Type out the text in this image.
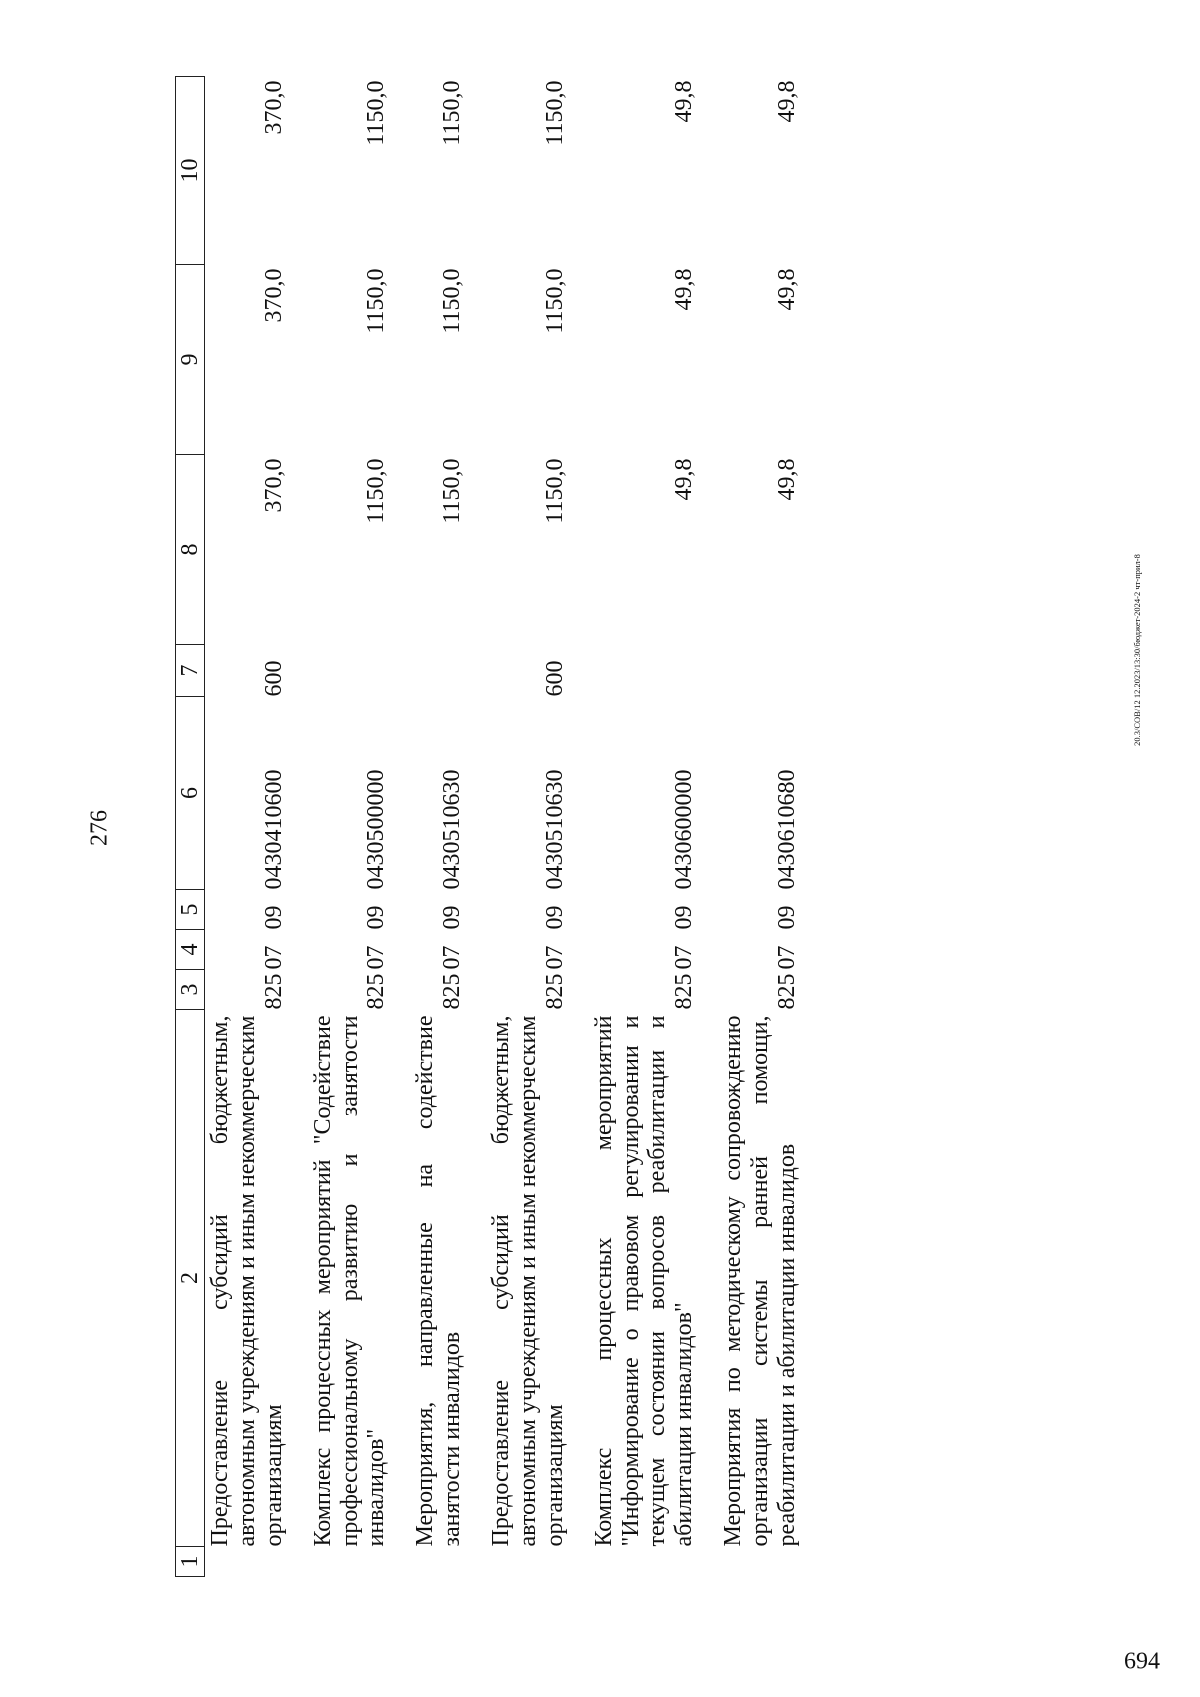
276
1	2	3	4	5	6	7	8	9	10
	Предоставление субсидий бюджетным, автономным учреждениям и иным некоммерческим организациям	825	07	09	0430410600	600	370,0	370,0	370,0
	Комплекс процессных мероприятий "Содействие профессиональному развитию и занятости инвалидов"	825	07	09	0430500000		1150,0	1150,0	1150,0
	Мероприятия, направленные на содействие занятости инвалидов	825	07	09	0430510630		1150,0	1150,0	1150,0
	Предоставление субсидий бюджетным, автономным учреждениям и иным некоммерческим организациям	825	07	09	0430510630	600	1150,0	1150,0	1150,0
	Комплекс процессных мероприятий "Информирование о правовом регулировании и текущем состоянии вопросов реабилитации и абилитации инвалидов"	825	07	09	0430600000		49,8	49,8	49,8
	Мероприятия по методическому сопровождению организации системы ранней помощи, реабилитации и абилитации инвалидов	825	07	09	0430610680		49,8	49,8	49,8
20.3/СОВ/12 12.2023/13:30/бюджет-2024-2 чт-прил-8
694
